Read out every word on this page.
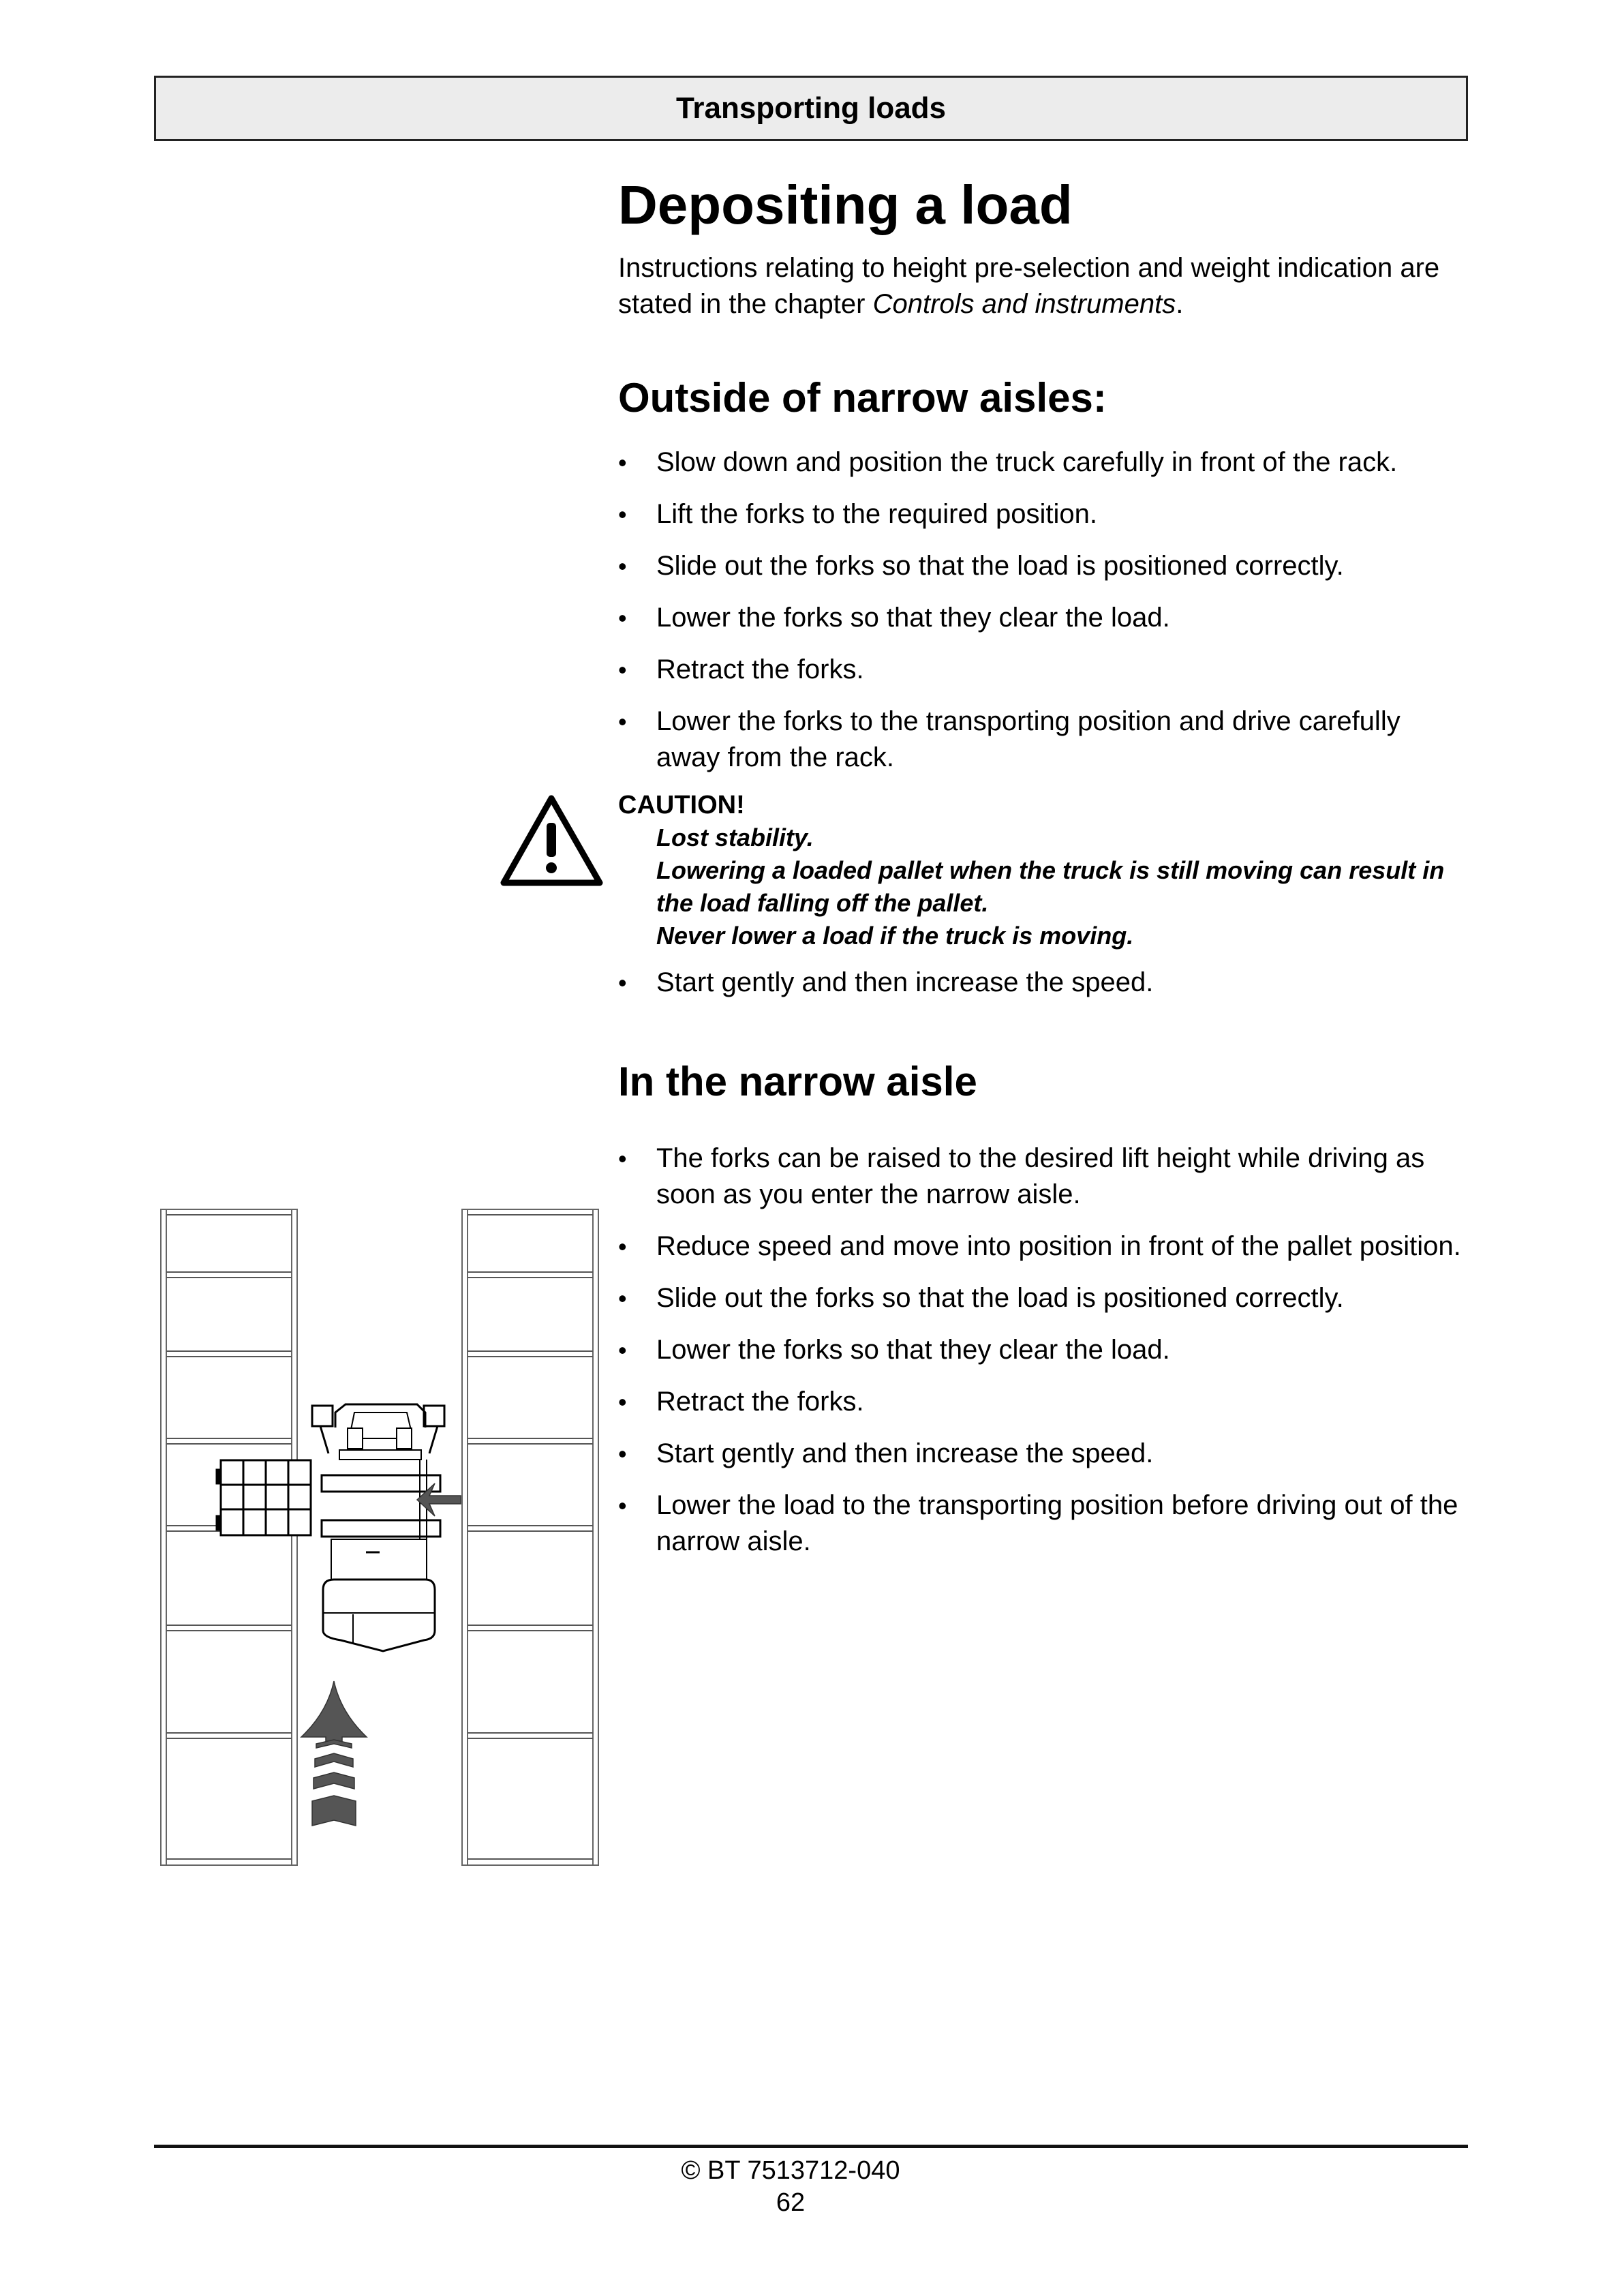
Transporting loads
Depositing a load

Instructions relating to height pre-selection and weight indication are stated in the chapter Controls and instruments.

Outside of narrow aisles:
• Slow down and position the truck carefully in front of the rack.
• Lift the forks to the required position.
• Slide out the forks so that the load is positioned correctly.
• Lower the forks so that they clear the load.
• Retract the forks.
• Lower the forks to the transporting position and drive carefully away from the rack.
CAUTION!
Lost stability.
Lowering a loaded pallet when the truck is still moving can result in the load falling off the pallet.
Never lower a load if the truck is moving.
• Start gently and then increase the speed.
In the narrow aisle
• The forks can be raised to the desired lift height while driving as soon as you enter the narrow aisle.
• Reduce speed and move into position in front of the pallet position.
• Slide out the forks so that the load is positioned correctly.
• Lower the forks so that they clear the load.
• Retract the forks.
• Start gently and then increase the speed.
• Lower the load to the transporting position before driving out of the narrow aisle.
© BT 7513712-040
62
